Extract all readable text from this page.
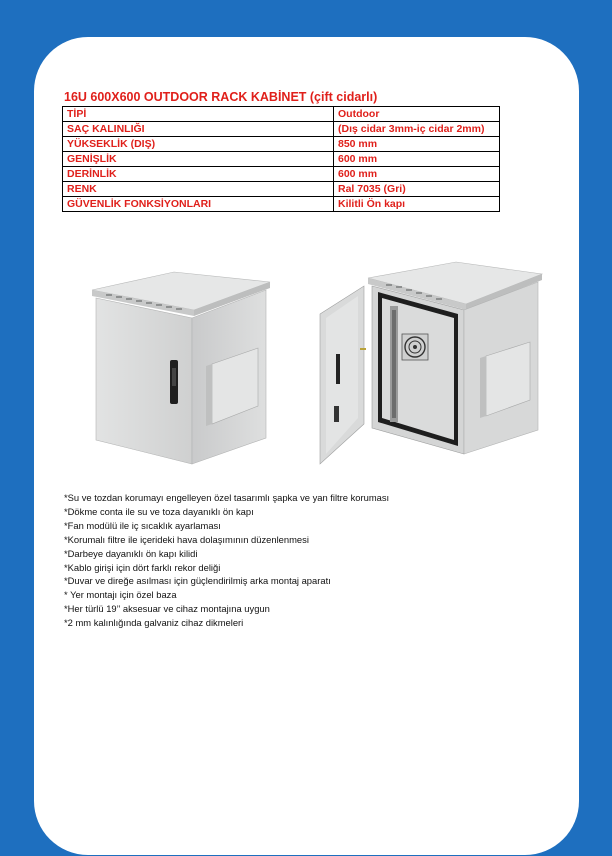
16U 600X600 OUTDOOR RACK KABİNET (çift cidarlı)
TİPİ	Outdoor
SAÇ KALINLIĞI	(Dış cidar 3mm-iç cidar 2mm)
YÜKSEKLİK (DIŞ)	850 mm
GENİŞLİK	600 mm
DERİNLİK	600 mm
RENK	Ral 7035 (Gri)
GÜVENLİK FONKSİYONLARI	Kilitli Ön kapı
*Su ve tozdan korumayı engelleyen özel tasarımlı şapka ve yan filtre koruması
*Dökme conta ile su ve toza dayanıklı ön kapı
*Fan modülü ile iç sıcaklık ayarlaması
*Korumalı filtre ile içerideki hava dolaşımının düzenlenmesi
*Darbeye dayanıklı ön kapı kilidi
*Kablo girişi için dört farklı rekor deliği
*Duvar ve direğe asılması için güçlendirilmiş arka montaj aparatı
* Yer montajı için özel baza
*Her türlü 19’’ aksesuar ve cihaz montajına uygun
*2 mm kalınlığında galvaniz cihaz dikmeleri
